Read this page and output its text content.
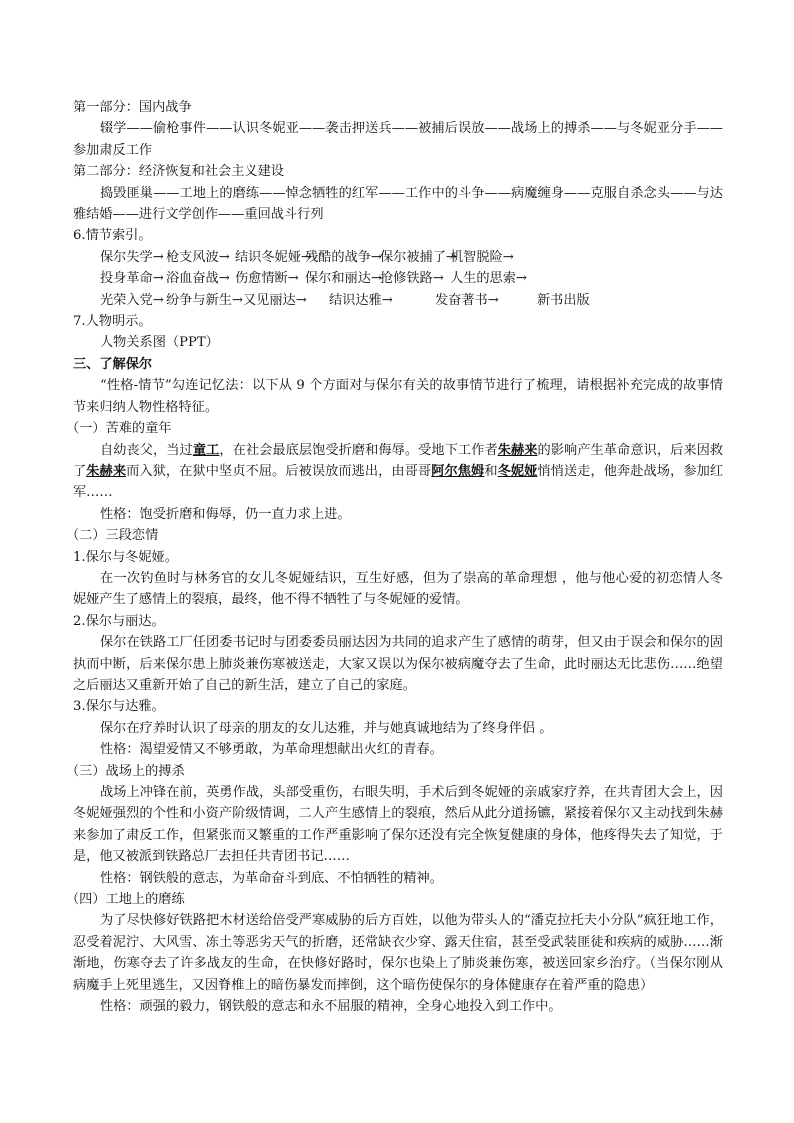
第一部分：国内战争
辍学——偷枪事件——认识冬妮亚——袭击押送兵——被捕后误放——战场上的搏杀——与冬妮亚分手——参加肃反工作
第二部分：经济恢复和社会主义建设
捣毁匪巢——工地上的磨练——悼念牺牲的红军——工作中的斗争——病魔缠身——克服自杀念头——与达雅结婚——进行文学创作——重回战斗行列
6.情节索引。
保尔失学→ 枪支风波→ 结识冬妮娅→
残酷的战争→
保尔被捕了→
机智脱险→
投身革命→ 浴血奋战→ 伤愈情断→ 保尔和丽达→
抢修铁路→ 人生的思索→
光荣入党→ 纷争与新生→ 又见丽达→	结识达雅→	发奋著书→	新书出版
7.人物明示。
人物关系图（PPT）
三、了解保尔
“性格-情节”勾连记忆法：以下从 9 个方面对与保尔有关的故事情节进行了梳理，请根据补充完成的故事情节来归纳人物性格特征。
（一）苦难的童年
自幼丧父，当过童工，在社会最底层饱受折磨和侮辱。受地下工作者朱赫来的影响产生革命意识，后来因救了朱赫来而入狱，在狱中坚贞不屈。后被误放而逃出，由哥哥阿尔焦姆和冬妮娅悄悄送走，他奔赴战场，参加红军……
性格：饱受折磨和侮辱，仍一直力求上进。
（二）三段恋情
1.保尔与冬妮娅。
在一次钓鱼时与林务官的女儿冬妮娅结识，互生好感，但为了崇高的革命理想 ，他与他心爱的初恋情人冬妮娅产生了感情上的裂痕，最终，他不得不牺牲了与冬妮娅的爱情。
2.保尔与丽达。
保尔在铁路工厂任团委书记时与团委委员丽达因为共同的追求产生了感情的萌芽，但又由于误会和保尔的固执而中断，后来保尔患上肺炎兼伤寒被送走，大家又误以为保尔被病魔夺去了生命，此时丽达无比悲伤……绝望之后丽达又重新开始了自己的新生活，建立了自己的家庭。
3.保尔与达雅。
保尔在疗养时认识了母亲的朋友的女儿达雅，并与她真诚地结为了终身伴侣 。
性格：渴望爱情又不够勇敢，为革命理想献出火红的青春。
（三）战场上的搏杀
战场上冲锋在前，英勇作战，头部受重伤，右眼失明，手术后到冬妮娅的亲戚家疗养，在共青团大会上，因冬妮娅强烈的个性和小资产阶级情调，二人产生感情上的裂痕，然后从此分道扬镳，紧接着保尔又主动找到朱赫来参加了肃反工作，但紧张而又繁重的工作严重影响了保尔还没有完全恢复健康的身体，他疼得失去了知觉，于是，他又被派到铁路总厂去担任共青团书记……
性格：钢铁般的意志，为革命奋斗到底、不怕牺牲的精神。
（四）工地上的磨练
为了尽快修好铁路把木材送给倍受严寒威胁的后方百姓，以他为带头人的“潘克拉托夫小分队”疯狂地工作，忍受着泥泞、大风雪、冻土等恶劣天气的折磨，还常缺衣少穿、露天住宿，甚至受武装匪徒和疾病的威胁……渐渐地，伤寒夺去了许多战友的生命，在快修好路时，保尔也染上了肺炎兼伤寒，被送回家乡治疗。（当保尔刚从病魔手上死里逃生，又因脊椎上的暗伤暴发而摔倒，这个暗伤使保尔的身体健康存在着严重的隐患）
性格：顽强的毅力，钢铁般的意志和永不屈服的精神，全身心地投入到工作中。
